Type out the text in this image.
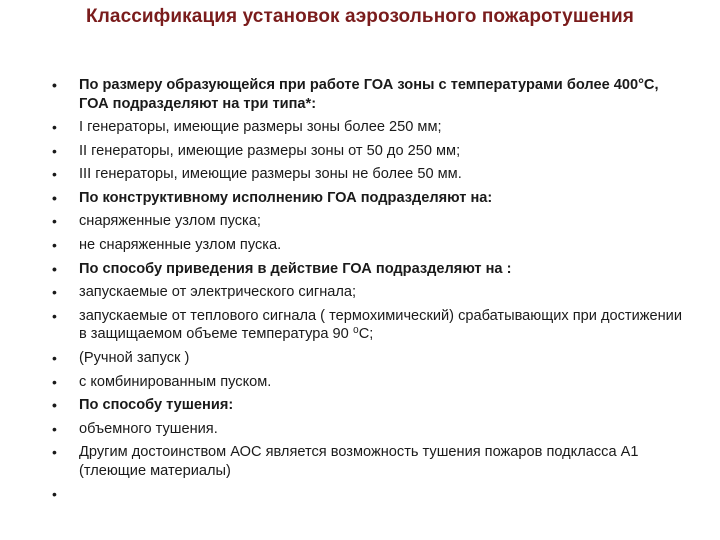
Классификация установок аэрозольного пожаротушения
• По размеру образующейся при работе ГОА зоны с температурами более 400°С, ГОА подразделяют на три типа*:
• I генераторы, имеющие размеры зоны более 250 мм;
• II генераторы, имеющие размеры зоны от 50 до 250 мм;
• III генераторы, имеющие размеры зоны не более 50 мм.
• По конструктивному исполнению ГОА подразделяют на:
• снаряженные узлом пуска;
• не снаряженные узлом пуска.
• По способу приведения в действие ГОА подразделяют на :
• запускаемые от электрического сигнала;
• запускаемые от теплового сигнала ( термохимический) срабатывающих при достижении в защищаемом объеме температура 90 ⁰С;
• (Ручной запуск )
• с комбинированным пуском.
• По способу тушения:
• объемного тушения.
• Другим достоинством АОС является возможность тушения пожаров подкласса А1 (тлеющие материалы)
•
